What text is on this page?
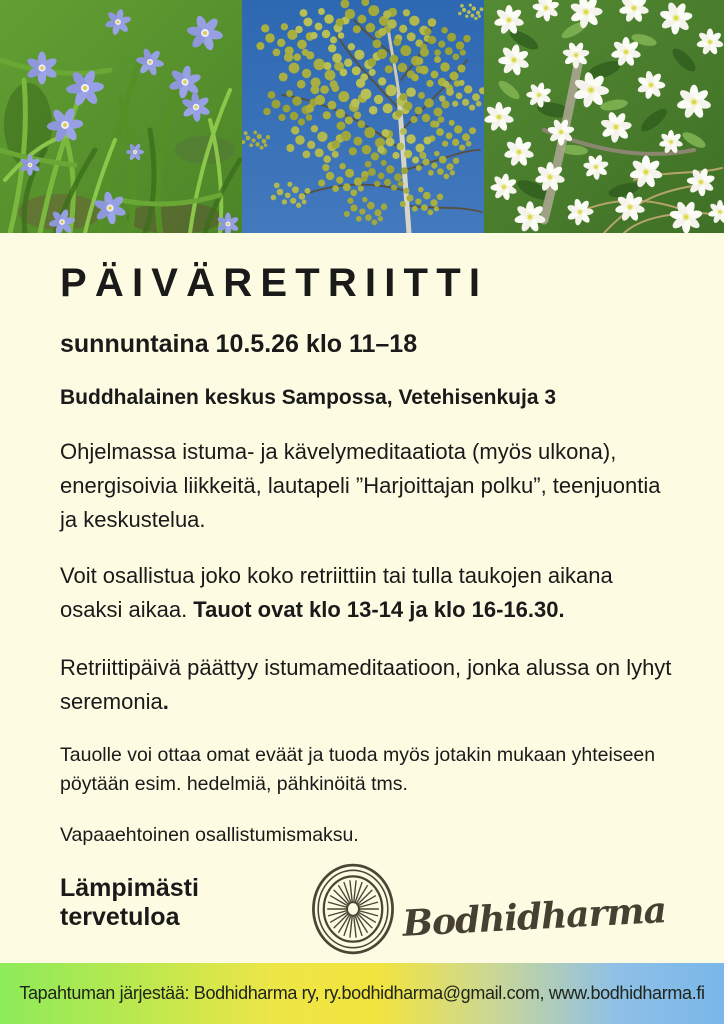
PÄIVÄRETRIITTI

sunnuntaina 10.5.26 klo 11–18

Buddhalainen keskus Sampossa, Vetehisenkuja 3

Ohjelmassa istuma- ja kävelymeditaatiota (myös ulkona), energisoivia liikkeitä, lautapeli ”Harjoittajan polku”, teenjuontia ja keskustelua.

Voit osallistua joko koko retriittiin tai tulla taukojen aikana osaksi aikaa. Tauot ovat klo 13-14 ja klo 16-16.30.

Retriittipäivä päättyy istumameditaatioon, jonka alussa on lyhyt seremonia.

Tauolle voi ottaa omat eväät ja tuoda myös jotakin mukaan yhteiseen pöytään esim. hedelmiä, pähkinöitä tms.

Vapaaehtoinen osallistumismaksu.

Lämpimästi tervetuloa	Bodhidharma
Tapahtuman järjestää: Bodhidharma ry, ry.bodhidharma@gmail.com, www.bodhidharma.fi
